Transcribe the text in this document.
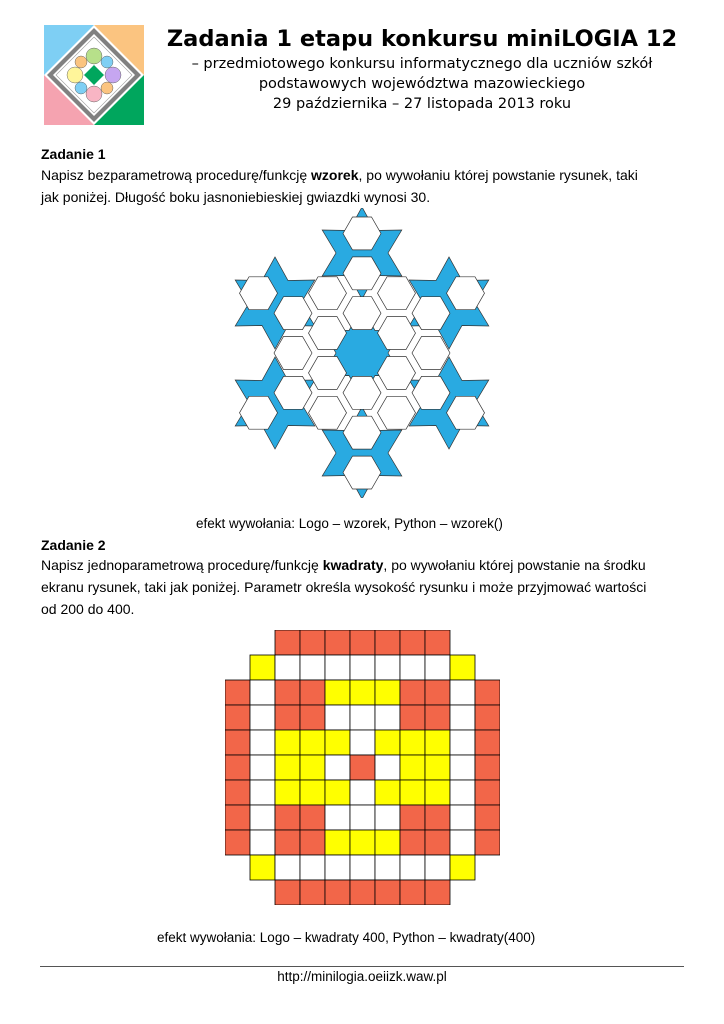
Zadania 1 etapu konkursu miniLOGIA 12
– przedmiotowego konkursu informatycznego dla uczniów szkół
podstawowych województwa mazowieckiego
29 października – 27 listopada 2013 roku
Zadanie 1
Napisz bezparametrową procedurę/funkcję wzorek, po wywołaniu której powstanie rysunek, taki
jak poniżej. Długość boku jasnoniebieskiej gwiazdki wynosi 30.
efekt wywołania: Logo – wzorek, Python – wzorek()
Zadanie 2
Napisz jednoparametrową procedurę/funkcję kwadraty, po wywołaniu której powstanie na środku
ekranu rysunek, taki jak poniżej. Parametr określa wysokość rysunku i może przyjmować wartości
od 200 do 400.
efekt wywołania: Logo – kwadraty 400, Python – kwadraty(400)
http://minilogia.oeiizk.waw.pl
